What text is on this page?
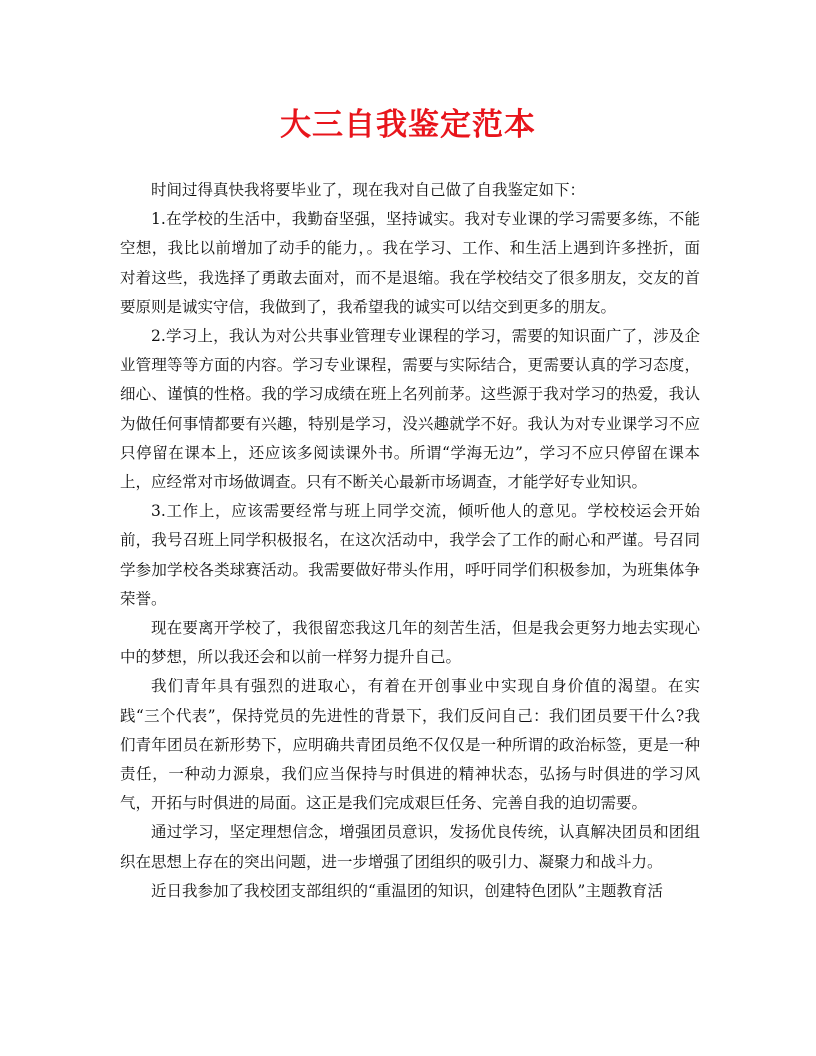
大三自我鉴定范本

时间过得真快我将要毕业了，现在我对自己做了自我鉴定如下：

1.在学校的生活中，我勤奋坚强，坚持诚实。我对专业课的学习需要多练，不能空想，我比以前增加了动手的能力，。我在学习、工作、和生活上遇到许多挫折，面对着这些，我选择了勇敢去面对，而不是退缩。我在学校结交了很多朋友，交友的首要原则是诚实守信，我做到了，我希望我的诚实可以结交到更多的朋友。

2.学习上，我认为对公共事业管理专业课程的学习，需要的知识面广了，涉及企业管理等等方面的内容。学习专业课程，需要与实际结合，更需要认真的学习态度，细心、谨慎的性格。我的学习成绩在班上名列前茅。这些源于我对学习的热爱，我认为做任何事情都要有兴趣，特别是学习，没兴趣就学不好。我认为对专业课学习不应只停留在课本上，还应该多阅读课外书。所谓“学海无边”，学习不应只停留在课本上，应经常对市场做调查。只有不断关心最新市场调查，才能学好专业知识。

3.工作上，应该需要经常与班上同学交流，倾听他人的意见。学校校运会开始前，我号召班上同学积极报名，在这次活动中，我学会了工作的耐心和严谨。号召同学参加学校各类球赛活动。我需要做好带头作用，呼吁同学们积极参加，为班集体争荣誉。

现在要离开学校了，我很留恋我这几年的刻苦生活，但是我会更努力地去实现心中的梦想，所以我还会和以前一样努力提升自己。

我们青年具有强烈的进取心，有着在开创事业中实现自身价值的渴望。在实践“三个代表”，保持党员的先进性的背景下，我们反问自己：我们团员要干什么?我们青年团员在新形势下，应明确共青团员绝不仅仅是一种所谓的政治标签，更是一种责任，一种动力源泉，我们应当保持与时俱进的精神状态，弘扬与时俱进的学习风气，开拓与时俱进的局面。这正是我们完成艰巨任务、完善自我的迫切需要。

通过学习，坚定理想信念，增强团员意识，发扬优良传统，认真解决团员和团组织在思想上存在的突出问题，进一步增强了团组织的吸引力、凝聚力和战斗力。

近日我参加了我校团支部组织的“重温团的知识，创建特色团队”主题教育活
